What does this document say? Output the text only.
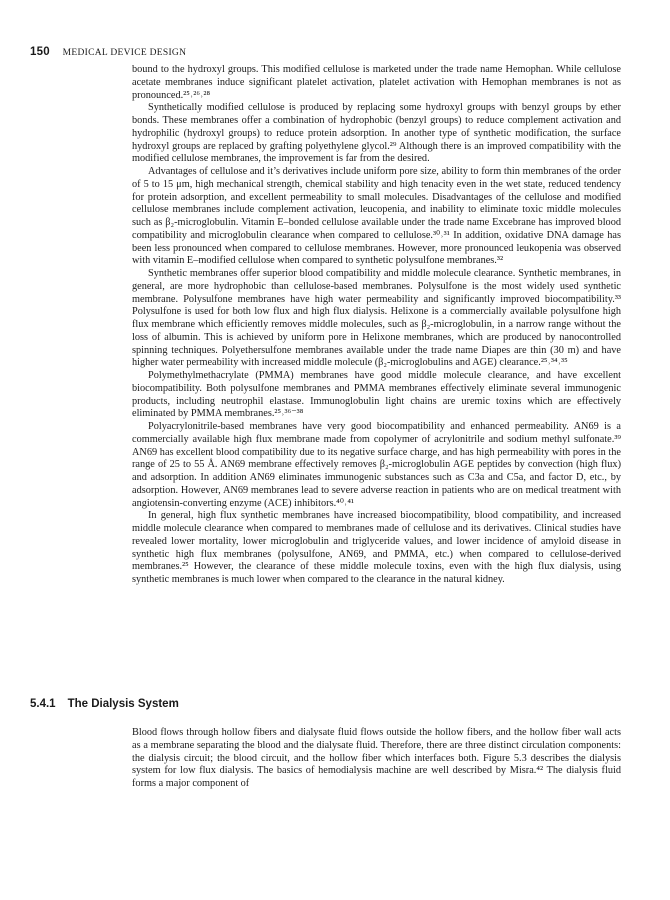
150 MEDICAL DEVICE DESIGN

bound to the hydroxyl groups. This modified cellulose is marketed under the trade name Hemophan. While cellulose acetate membranes induce significant platelet activation, platelet activation with Hemophan membranes is not as pronounced.²⁵˒²⁶˒²⁸

Synthetically modified cellulose is produced by replacing some hydroxyl groups with benzyl groups by ether bonds. These membranes offer a combination of hydrophobic (benzyl groups) to reduce complement activation and hydrophilic (hydroxyl groups) to reduce protein adsorption. In another type of synthetic modification, the surface hydroxyl groups are replaced by grafting polyethylene glycol.²⁹ Although there is an improved compatibility with the modified cellulose membranes, the improvement is far from the desired.

Advantages of cellulose and it’s derivatives include uniform pore size, ability to form thin membranes of the order of 5 to 15 μm, high mechanical strength, chemical stability and high tenacity even in the wet state, reduced tendency for protein adsorption, and excellent permeability to small molecules. Disadvantages of the cellulose and modified cellulose membranes include complement activation, leucopenia, and inability to eliminate toxic middle molecules such as β₂-microglobulin. Vitamin E–bonded cellulose available under the trade name Excebrane has improved blood compatibility and microglobulin clearance when compared to cellulose.³⁰˒³¹ In addition, oxidative DNA damage has been less pronounced when compared to cellulose membranes. However, more pronounced leukopenia was observed with vitamin E–modified cellulose when compared to synthetic polysulfone membranes.³²

Synthetic membranes offer superior blood compatibility and middle molecule clearance. Synthetic membranes, in general, are more hydrophobic than cellulose-based membranes. Polysulfone is the most widely used synthetic membrane. Polysulfone membranes have high water permeability and significantly improved biocompatibility.³³ Polysulfone is used for both low flux and high flux dialysis. Helixone is a commercially available polysulfone high flux membrane which efficiently removes middle molecules, such as β₂-microglobulin, in a narrow range without the loss of albumin. This is achieved by uniform pore in Helixone membranes, which are produced by nanocontrolled spinning techniques. Polyethersulfone membranes available under the trade name Diapes are thin (30 m) and have higher water permeability with increased middle molecule (β₂-microglobulins and AGE) clearance.²⁵˒³⁴˒³⁵

Polymethylmethacrylate (PMMA) membranes have good middle molecule clearance, and have excellent biocompatibility. Both polysulfone membranes and PMMA membranes effectively eliminate several immunogenic products, including neutrophil elastase. Immunoglobulin light chains are uremic toxins which are effectively eliminated by PMMA membranes.²⁵˒³⁶⁻³⁸

Polyacrylonitrile-based membranes have very good biocompatibility and enhanced permeability. AN69 is a commercially available high flux membrane made from copolymer of acrylonitrile and sodium methyl sulfonate.³⁹ AN69 has excellent blood compatibility due to its negative surface charge, and has high permeability with pores in the range of 25 to 55 Å. AN69 membrane effectively removes β₂-microglobulin AGE peptides by convection (high flux) and adsorption. In addition AN69 eliminates immunogenic substances such as C3a and C5a, and factor D, etc., by adsorption. However, AN69 membranes lead to severe adverse reaction in patients who are on medical treatment with angiotensin-converting enzyme (ACE) inhibitors.⁴⁰˒⁴¹

In general, high flux synthetic membranes have increased biocompatibility, blood compatibility, and increased middle molecule clearance when compared to membranes made of cellulose and its derivatives. Clinical studies have revealed lower mortality, lower microglobulin and triglyceride values, and lower incidence of amyloid disease in synthetic high flux membranes (polysulfone, AN69, and PMMA, etc.) when compared to cellulose-derived membranes.²⁵ However, the clearance of these middle molecule toxins, even with the high flux dialysis, using synthetic membranes is much lower when compared to the clearance in the natural kidney.

5.4.1 The Dialysis System
Blood flows through hollow fibers and dialysate fluid flows outside the hollow fibers, and the hollow fiber wall acts as a membrane separating the blood and the dialysate fluid. Therefore, there are three distinct circulation components: the dialysis circuit; the blood circuit, and the hollow fiber which interfaces both. Figure 5.3 describes the dialysis system for low flux dialysis. The basics of hemodialysis machine are well described by Misra.⁴² The dialysis fluid forms a major component of
